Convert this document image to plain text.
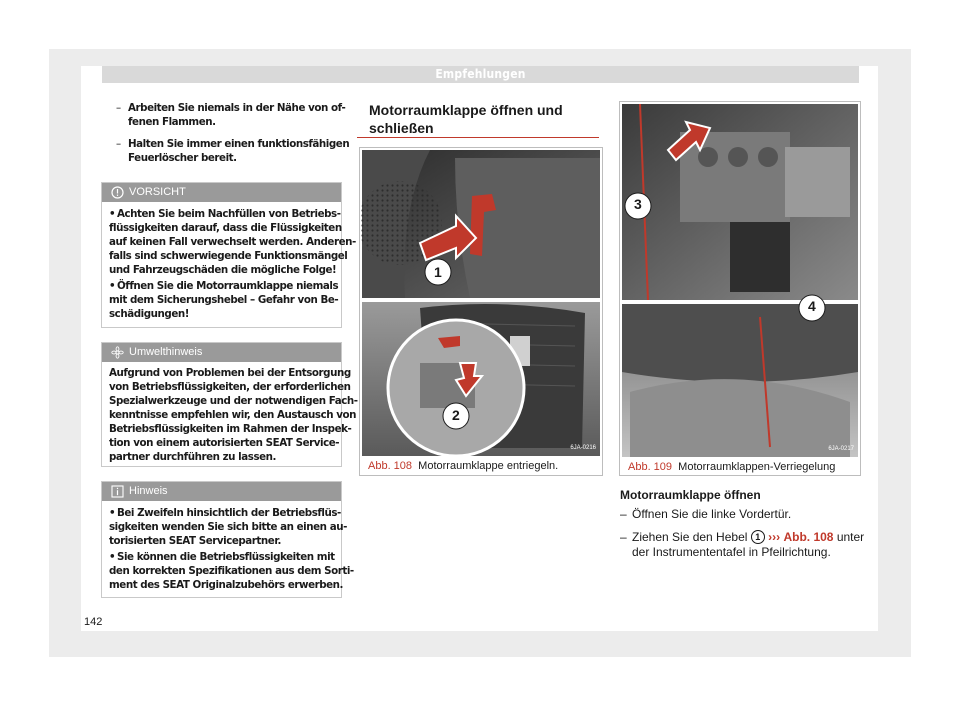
Empfehlungen
– Arbeiten Sie niemals in der Nähe von of-
fenen Flammen.
– Halten Sie immer einen funktionsfähigen
Feuerlöscher bereit.
VORSICHT
• Achten Sie beim Nachfüllen von Betriebs-
flüssigkeiten darauf, dass die Flüssigkeiten
auf keinen Fall verwechselt werden. Anderen-
falls sind schwerwiegende Funktionsmängel
und Fahrzeugschäden die mögliche Folge!
• Öffnen Sie die Motorraumklappe niemals
mit dem Sicherungshebel – Gefahr von Be-
schädigungen!
Umwelthinweis
Aufgrund von Problemen bei der Entsorgung
von Betriebsflüssigkeiten, der erforderlichen
Spezialwerkzeuge und der notwendigen Fach-
kenntnisse empfehlen wir, den Austausch von
Betriebsflüssigkeiten im Rahmen der Inspek-
tion von einem autorisierten SEAT Service-
partner durchführen zu lassen.
Hinweis
• Bei Zweifeln hinsichtlich der Betriebsflüs-
sigkeiten wenden Sie sich bitte an einen au-
torisierten SEAT Servicepartner.
• Sie können die Betriebsflüssigkeiten mit
den korrekten Spezifikationen aus dem Sorti-
ment des SEAT Originalzubehörs erwerben.
Motorraumklappe öffnen und
schließen
1
2
6JA-0216
Abb. 108 Motorraumklappe entriegeln.
3
4
6JA-0217
Abb. 109 Motorraumklappen-Verriegelung
Motorraumklappe öffnen
– Öffnen Sie die linke Vordertür.
– Ziehen Sie den Hebel 1 ››› Abb. 108 unter
der Instrumententafel in Pfeilrichtung.
142
